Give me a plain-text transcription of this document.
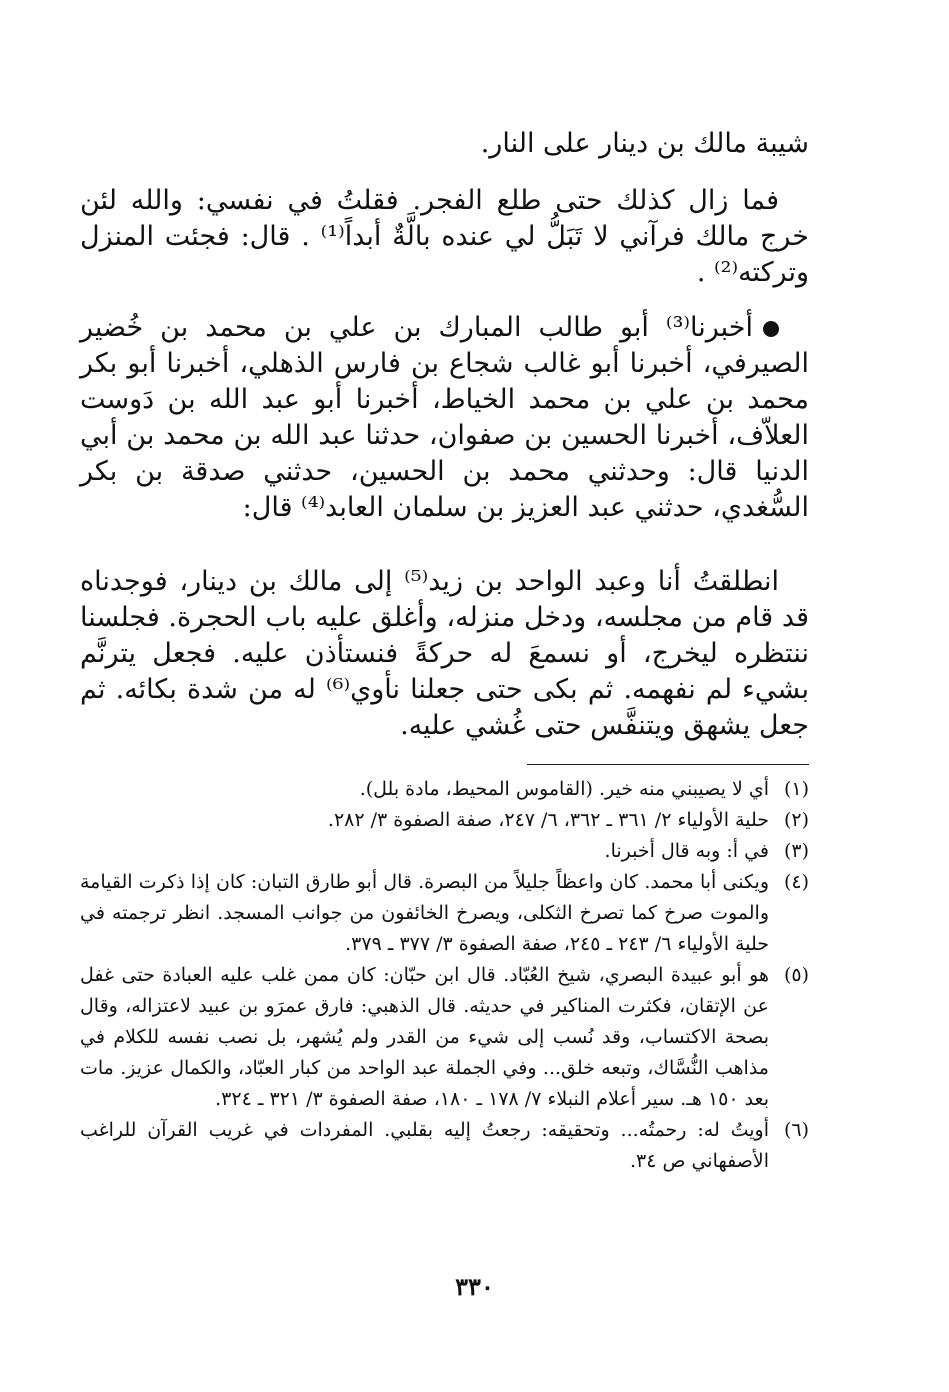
شيبة مالك بن دينار على النار.
فما زال كذلك حتى طلع الفجر. فقلتُ في نفسي: والله لئن خرج مالك فرآني لا تَبَلُّ لي عنده بالَّةٌ أبداً⁽¹⁾ . قال: فجئت المنزل وتركته⁽²⁾ .
أخبرنا⁽³⁾ أبو طالب المبارك بن علي بن محمد بن خُضير الصيرفي، أخبرنا أبو غالب شجاع بن فارس الذهلي، أخبرنا أبو بكر محمد بن علي بن محمد الخياط، أخبرنا أبو عبد الله بن دَوست العلاّف، أخبرنا الحسين بن صفوان، حدثنا عبد الله بن محمد بن أبي الدنيا قال: وحدثني محمد بن الحسين، حدثني صدقة بن بكر السُّغدي، حدثني عبد العزيز بن سلمان العابد⁽⁴⁾ قال:
انطلقتُ أنا وعبد الواحد بن زيد⁽⁵⁾ إلى مالك بن دينار، فوجدناه قد قام من مجلسه، ودخل منزله، وأغلق عليه باب الحجرة. فجلسنا ننتظره ليخرج، أو نسمعَ له حركةً فنستأذن عليه. فجعل يترنَّم بشيء لم نفهمه. ثم بكى حتى جعلنا نأوي⁽⁶⁾ له من شدة بكائه. ثم جعل يشهق ويتنفَّس حتى غُشي عليه.
(١)
أي لا يصيبني منه خير. (القاموس المحيط، مادة بلل).
(٢)
حلية الأولياء ٢/ ٣٦١ ـ ٣٦٢، ٦/ ٢٤٧، صفة الصفوة ٣/ ٢٨٢.
(٣)
في أ: وبه قال أخبرنا.
(٤)
ويكنى أبا محمد. كان واعظاً جليلاً من البصرة. قال أبو طارق التبان: كان إذا ذكرت القيامة والموت صرخ كما تصرخ الثكلى، ويصرخ الخائفون من جوانب المسجد. انظر ترجمته في حلية الأولياء ٦/ ٢٤٣ ـ ٢٤٥، صفة الصفوة ٣/ ٣٧٧ ـ ٣٧٩.
(٥)
هو أبو عبيدة البصري، شيخ العُبّاد. قال ابن حبّان: كان ممن غلب عليه العبادة حتى غفل عن الإتقان، فكثرت المناكير في حديثه. قال الذهبي: فارق عمرَو بن عبيد لاعتزاله، وقال بصحة الاكتساب، وقد نُسب إلى شيء من القدر ولم يُشهر، بل نصب نفسه للكلام في مذاهب النُّسَّاك، وتبعه خلق... وفي الجملة عبد الواحد من كبار العبّاد، والكمال عزيز. مات بعد ١٥٠ هـ. سير أعلام النبلاء ٧/ ١٧٨ ـ ١٨٠، صفة الصفوة ٣/ ٣٢١ ـ ٣٢٤.
(٦)
أويتُ له: رحمتُه... وتحقيقه: رجعتُ إليه بقلبي. المفردات في غريب القرآن للراغب الأصفهاني ص ٣٤.
٣٣٠
